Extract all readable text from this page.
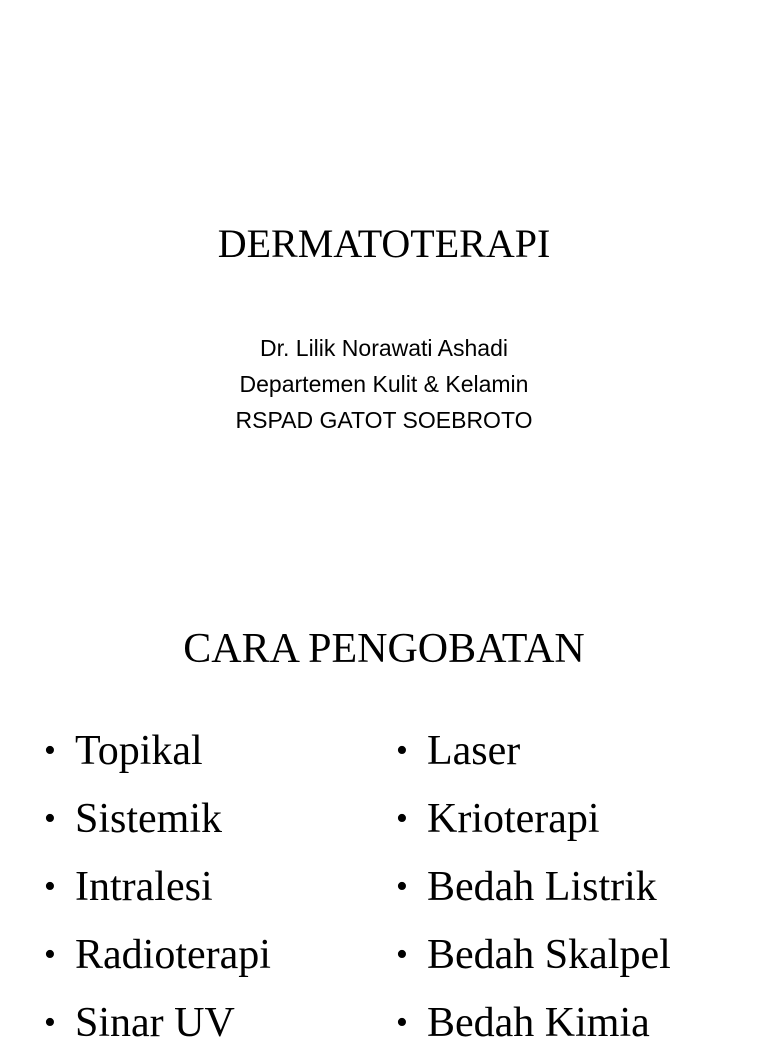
DERMATOTERAPI
Dr. Lilik Norawati Ashadi
Departemen Kulit & Kelamin
RSPAD GATOT SOEBROTO
CARA PENGOBATAN
• Topikal
• Sistemik
• Intralesi
• Radioterapi
• Sinar UV
• Laser
• Krioterapi
• Bedah Listrik
• Bedah Skalpel
• Bedah Kimia
